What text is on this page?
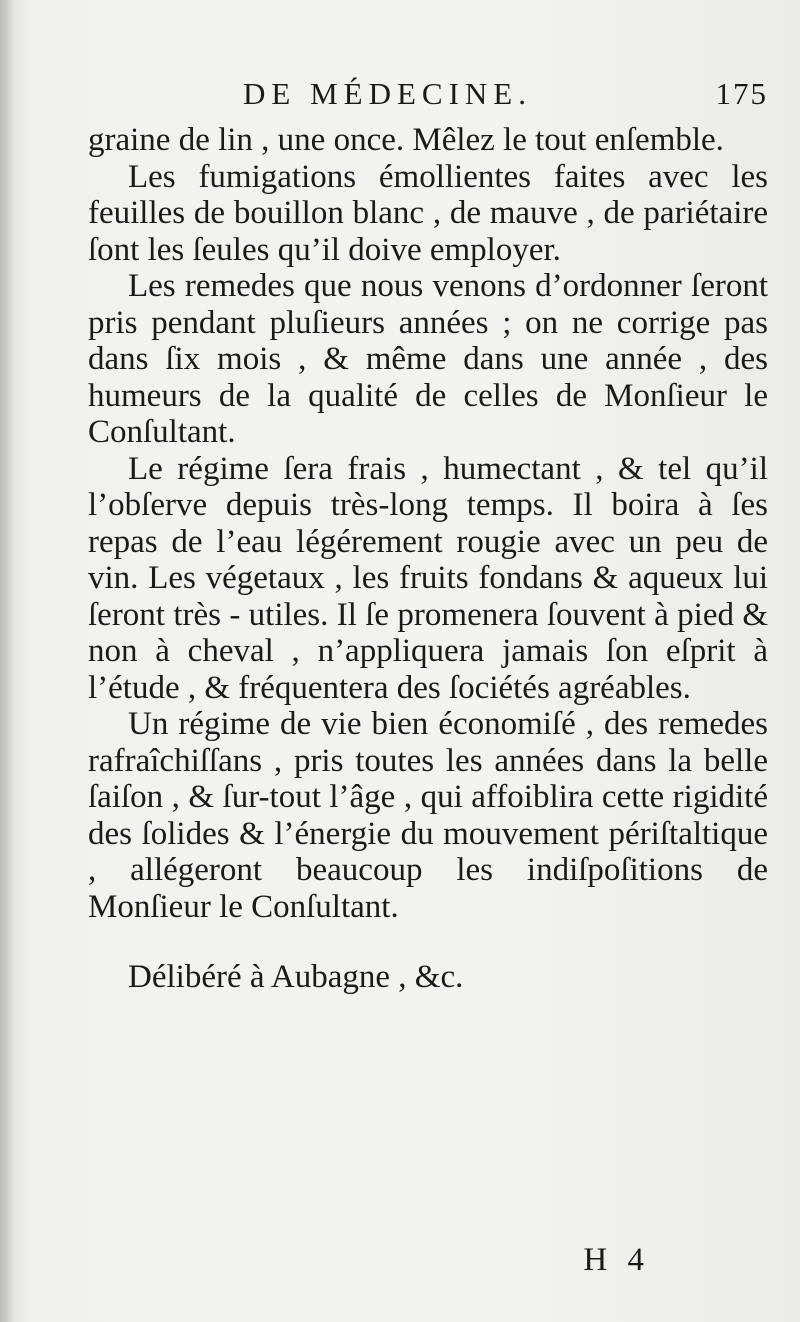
DE MÉDECINE.	175

graine de lin , une once. Mêlez le tout enſemble.

Les fumigations émollientes faites avec les feuilles de bouillon blanc , de mauve , de pariétaire ſont les ſeules qu’il doive employer.

Les remedes que nous venons d’ordonner ſeront pris pendant pluſieurs années ; on ne corrige pas dans ſix mois , & même dans une année , des humeurs de la qualité de celles de Monſieur le Conſultant.

Le régime ſera frais , humectant , & tel qu’il l’obſerve depuis très-long temps. Il boira à ſes repas de l’eau légérement rougie avec un peu de vin. Les végetaux , les fruits fondans & aqueux lui ſeront très - utiles. Il ſe promenera ſouvent à pied & non à cheval , n’appliquera jamais ſon eſprit à l’étude , & fréquentera des ſociétés agréables.

Un régime de vie bien économiſé , des remedes rafraîchiſſans , pris toutes les années dans la belle ſaiſon , & ſur-tout l’âge , qui affoiblira cette rigidité des ſolides & l’énergie du mouvement périſtaltique , allégeront beaucoup les indiſpoſitions de Monſieur le Conſultant.

Délibéré à Aubagne , &c.

H 4
